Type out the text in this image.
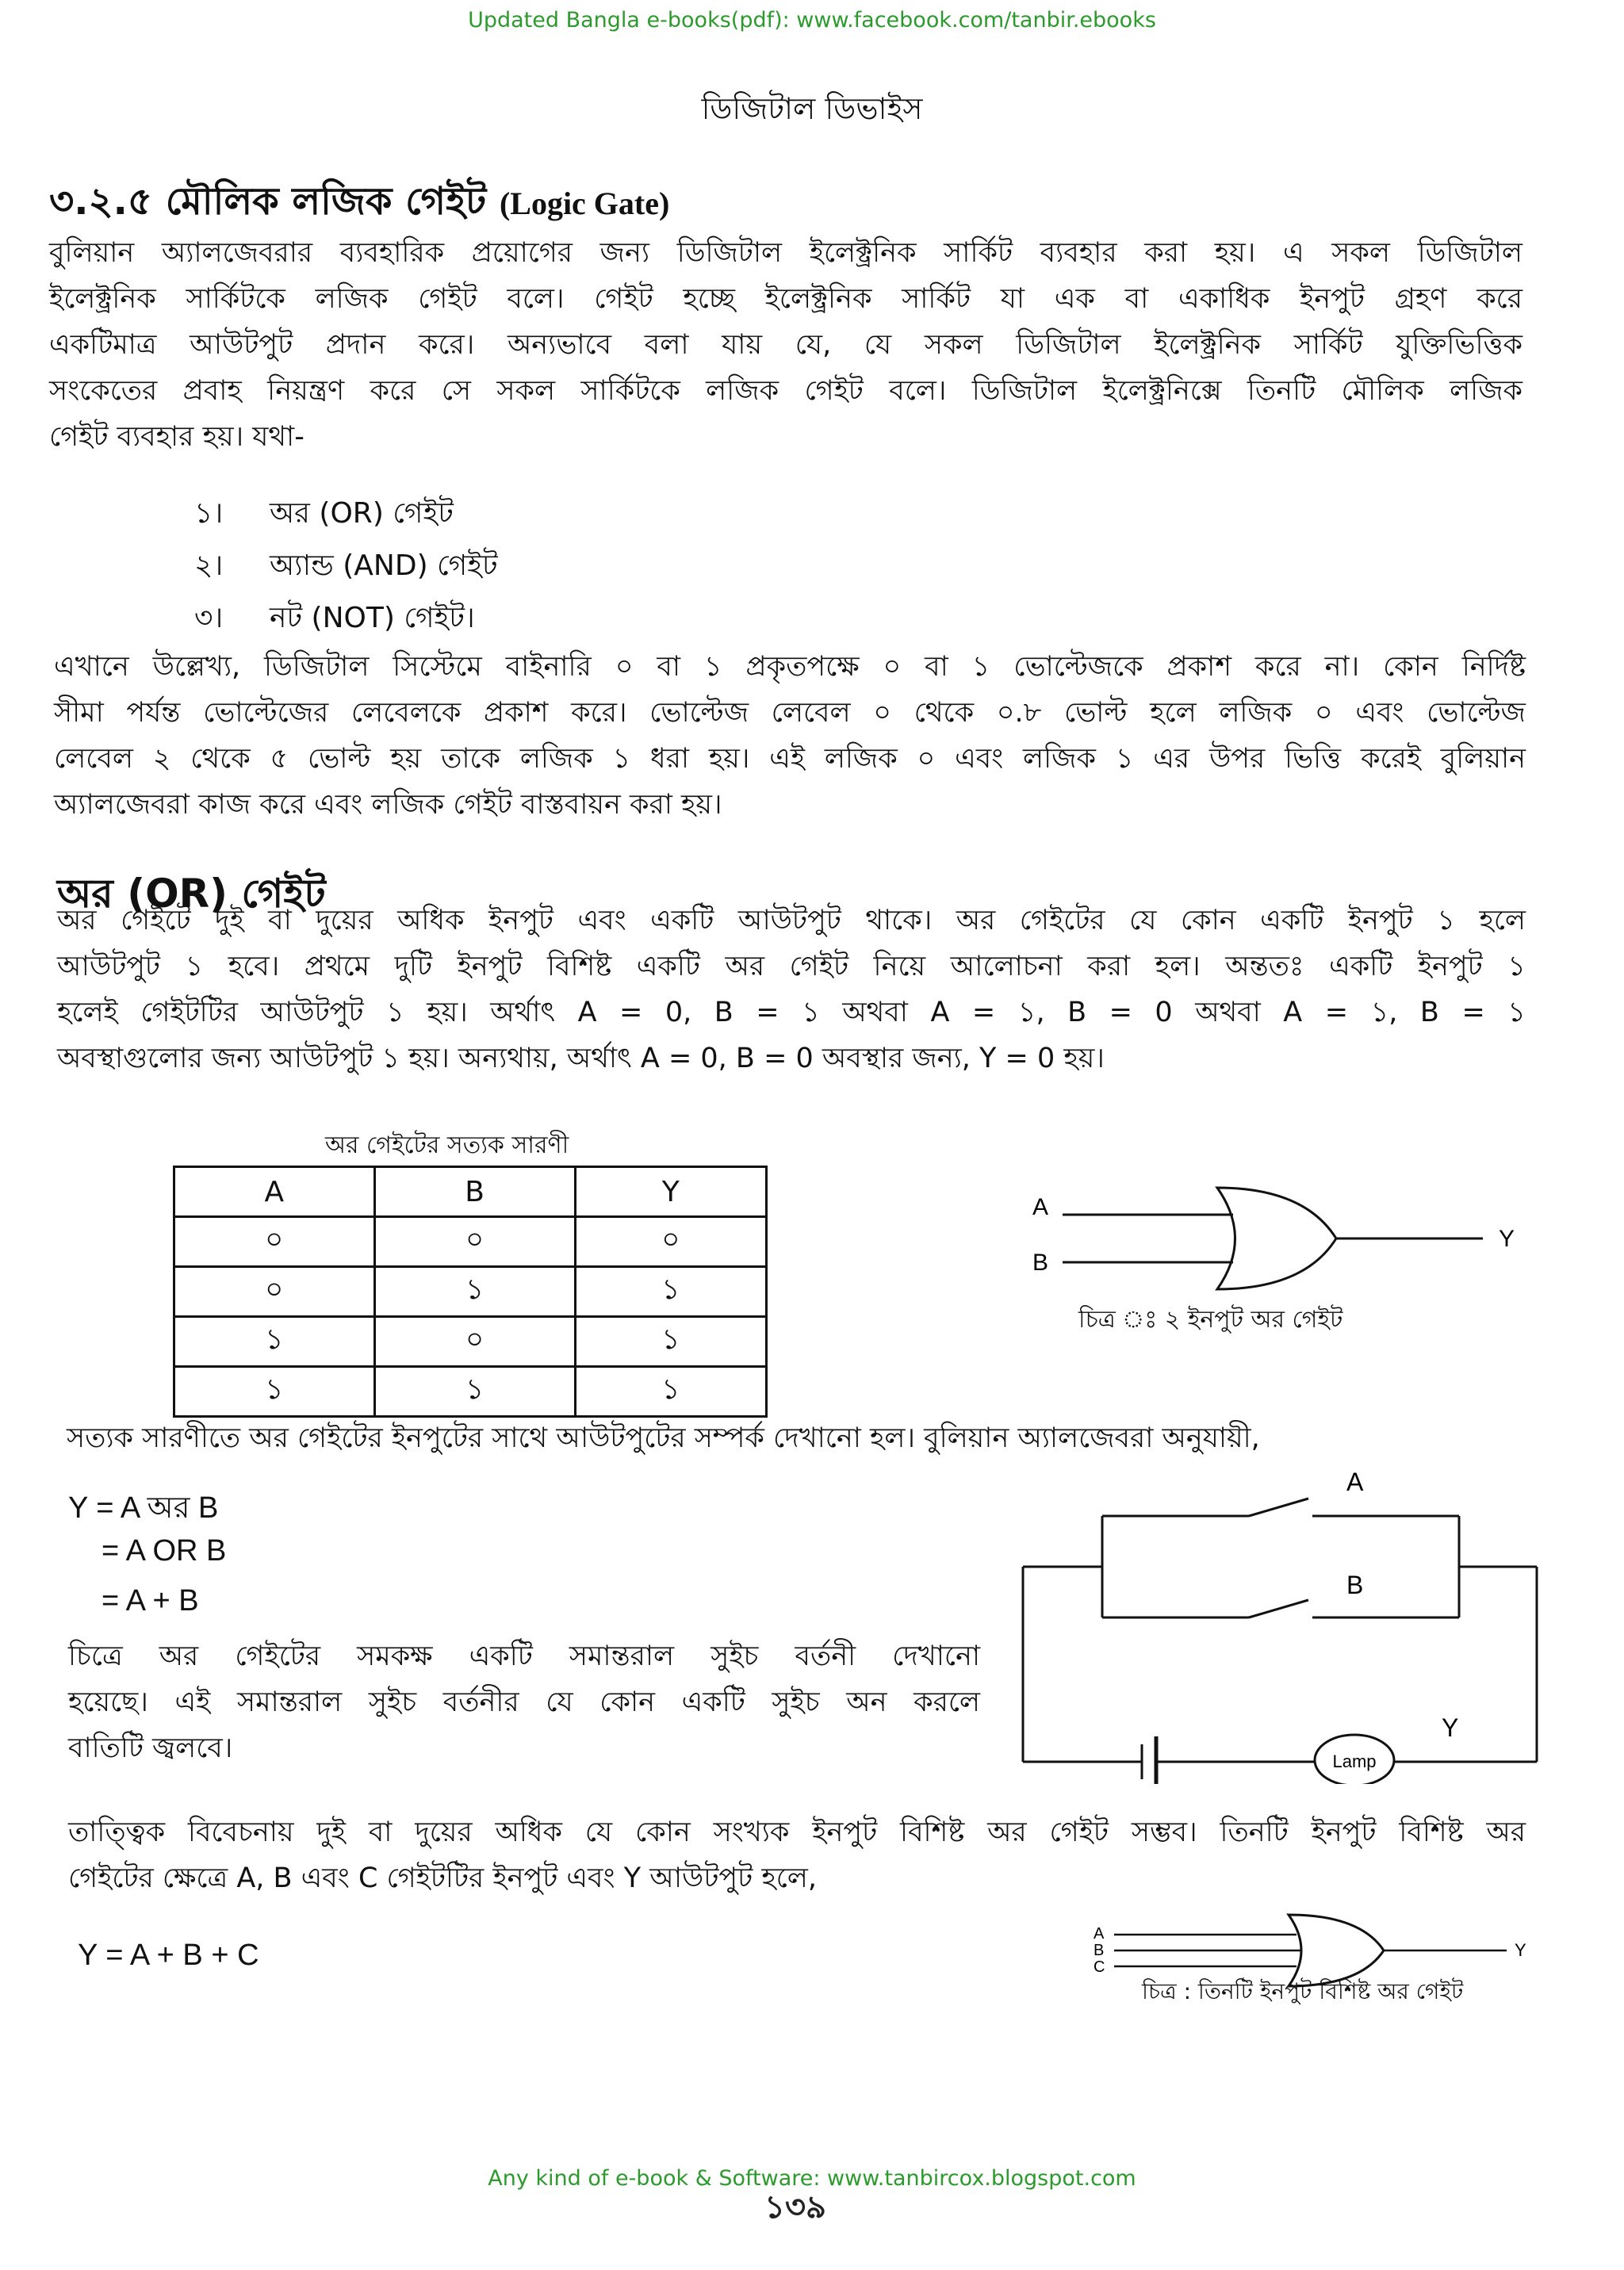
Updated Bangla e-books(pdf): www.facebook.com/tanbir.ebooks
ডিজিটাল ডিভাইস
৩.২.৫ মৌলিক লজিক গেইট (Logic Gate)
বুলিয়ান অ্যালজেবরার ব্যবহারিক প্রয়োগের জন্য ডিজিটাল ইলেক্ট্রনিক সার্কিট ব্যবহার করা হয়। এ সকল ডিজিটাল
ইলেক্ট্রনিক সার্কিটকে লজিক গেইট বলে। গেইট হচ্ছে ইলেক্ট্রনিক সার্কিট যা এক বা একাধিক ইনপুট গ্রহণ করে
একটিমাত্র আউটপুট প্রদান করে। অন্যভাবে বলা যায় যে, যে সকল ডিজিটাল ইলেক্ট্রনিক সার্কিট যুক্তিভিত্তিক
সংকেতের প্রবাহ নিয়ন্ত্রণ করে সে সকল সার্কিটকে লজিক গেইট বলে। ডিজিটাল ইলেক্ট্রনিক্সে তিনটি মৌলিক লজিক
গেইট ব্যবহার হয়। যথা-
১। অর (OR) গেইট
২। অ্যান্ড (AND) গেইট
৩। নট (NOT) গেইট।
এখানে উল্লেখ্য, ডিজিটাল সিস্টেমে বাইনারি ০ বা ১ প্রকৃতপক্ষে ০ বা ১ ভোল্টেজকে প্রকাশ করে না। কোন নির্দিষ্ট
সীমা পর্যন্ত ভোল্টেজের লেবেলকে প্রকাশ করে। ভোল্টেজ লেবেল ০ থেকে ০.৮ ভোল্ট হলে লজিক ০ এবং ভোল্টেজ
লেবেল ২ থেকে ৫ ভোল্ট হয় তাকে লজিক ১ ধরা হয়। এই লজিক ০ এবং লজিক ১ এর উপর ভিত্তি করেই বুলিয়ান
অ্যালজেবরা কাজ করে এবং লজিক গেইট বাস্তবায়ন করা হয়।
অর (OR) গেইট
অর গেইটে দুই বা দুয়ের অধিক ইনপুট এবং একটি আউটপুট থাকে। অর গেইটের যে কোন একটি ইনপুট ১ হলে
আউটপুট ১ হবে। প্রথমে দুটি ইনপুট বিশিষ্ট একটি অর গেইট নিয়ে আলোচনা করা হল। অন্ততঃ একটি ইনপুট ১
হলেই গেইটটির আউটপুট ১ হয়। অর্থাৎ A = 0, B = ১ অথবা A = ১, B = 0 অথবা A = ১, B = ১
অবস্থাগুলোর জন্য আউটপুট ১ হয়। অন্যথায়, অর্থাৎ A = 0, B = 0 অবস্থার জন্য, Y = 0 হয়।
অর গেইটের সত্যক সারণী
A	B	Y
০	০	০
০	১	১
১	০	১
১	১	১
A
B
Y
চিত্র ঃ ২ ইনপুট অর গেইট
সত্যক সারণীতে অর গেইটের ইনপুটের সাথে আউটপুটের সম্পর্ক দেখানো হল। বুলিয়ান অ্যালজেবরা অনুযায়ী,
Y = A অর B
= A OR B
= A + B
চিত্রে অর গেইটের সমকক্ষ একটি সমান্তরাল সুইচ বর্তনী দেখানো
হয়েছে। এই সমান্তরাল সুইচ বর্তনীর যে কোন একটি সুইচ অন করলে
বাতিটি জ্বলবে।
A
B
Lamp
Y
তাত্ত্বিক বিবেচনায় দুই বা দুয়ের অধিক যে কোন সংখ্যক ইনপুট বিশিষ্ট অর গেইট সম্ভব। তিনটি ইনপুট বিশিষ্ট অর
গেইটের ক্ষেত্রে A, B এবং C গেইটটির ইনপুট এবং Y আউটপুট হলে,
Y = A + B + C
A
B
C
Y
চিত্র : তিনটি ইনপুট বিশিষ্ট অর গেইট
১৩৯
Any kind of e-book & Software: www.tanbircox.blogspot.com
